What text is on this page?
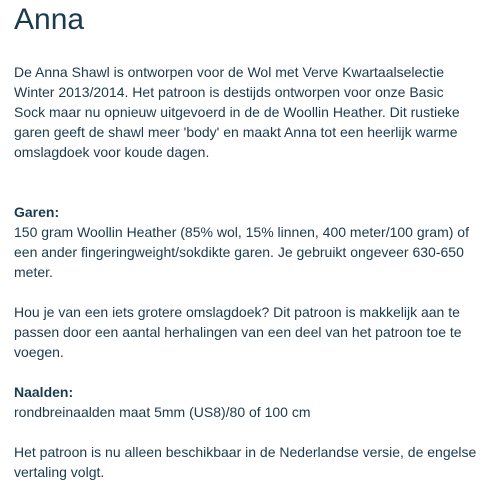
Anna

De Anna Shawl is ontworpen voor de Wol met Verve Kwartaalselectie
Winter 2013/2014. Het patroon is destijds ontworpen voor onze Basic
Sock maar nu opnieuw uitgevoerd in de de Woollin Heather. Dit rustieke
garen geeft de shawl meer 'body' en maakt Anna tot een heerlijk warme
omslagdoek voor koude dagen.

Garen:

150 gram Woollin Heather (85% wol, 15% linnen, 400 meter/100 gram) of
een ander fingeringweight/sokdikte garen. Je gebruikt ongeveer 630-650
meter.

Hou je van een iets grotere omslagdoek? Dit patroon is makkelijk aan te
passen door een aantal herhalingen van een deel van het patroon toe te
voegen.

Naalden:

rondbreinaalden maat 5mm (US8)/80 of 100 cm

Het patroon is nu alleen beschikbaar in de Nederlandse versie, de engelse
vertaling volgt.
